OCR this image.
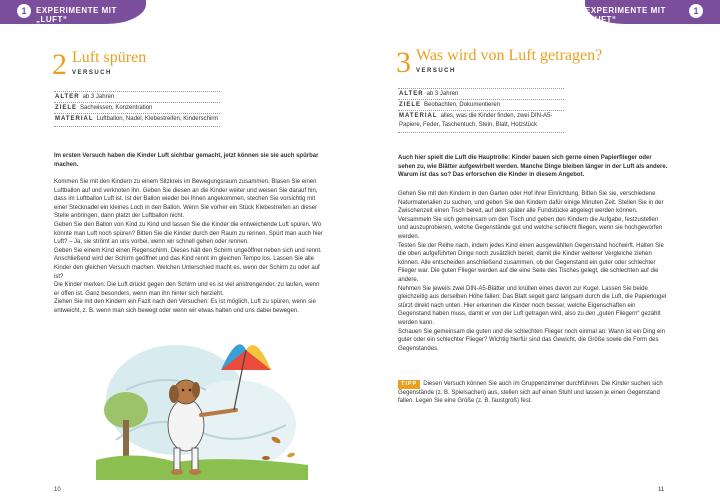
1	EXPERIMENTE MIT „LUFT“
EXPERIMENTE MIT „LUFT“
1
2 Luft spüren
VERSUCH
ALTER ab 3 Jahren
ZIELE Sachwissen, Konzentration
MATERIAL Luftballon, Nadel, Klebestreifen, Kinderschirm
Im ersten Versuch haben die Kinder Luft sichtbar gemacht, jetzt können sie sie auch spürbar machen.
Kommen Sie mit den Kindern zu einem Sitzkreis im Bewegungsraum zusammen. Blasen Sie einen Luftballon auf und verknoten ihn. Geben Sie diesen an die Kinder weiter und weisen Sie darauf hin, dass im Luftballon Luft ist. Ist der Ballon wieder bei Ihnen angekommen, stechen Sie vorsichtig mit einer Stecknadel ein kleines Loch in den Ballon. Wenn Sie vorher ein Stück Klebestreifen an dieser Stelle anbringen, dann platzt der Luftballon nicht.
Geben Sie den Ballon von Kind zu Kind und lassen Sie die Kinder die entweichende Luft spüren. Wo könnte man Luft noch spüren? Bitten Sie die Kinder durch den Raum zu rennen. Spürt man auch hier Luft? – Ja, sie strömt an uns vorbei, wenn wir schnell gehen oder rennen.
Geben Sie einem Kind einen Regenschirm. Dieses hält den Schirm ungeöffnet neben sich und rennt. Anschließend wird der Schirm geöffnet und das Kind rennt im gleichen Tempo los. Lassen Sie alle Kinder den gleichen Versuch machen. Welchen Unterschied macht es, wenn der Schirm zu oder auf ist?
Die Kinder merken: Die Luft drückt gegen den Schirm und es ist viel anstrengender, zu laufen, wenn er offen ist. Ganz besonders, wenn man ihn hinter sich herzieht.
Ziehen Sie mit den Kindern ein Fazit nach den Versuchen: Es ist möglich, Luft zu spüren, wenn sie entweicht, z. B. wenn man sich bewegt oder wenn wir etwas halten und uns dabei bewegen.
10
3 Was wird von Luft getragen?
VERSUCH
ALTER ab 3 Jahren
ZIELE Beobachten, Dokumentieren
MATERIAL alles, was die Kinder finden, zwei DIN-A5-Papiere, Feder, Taschentuch, Stein, Blatt, Holzstück
Auch hier spielt die Luft die Hauptrolle: Kinder bauen sich gerne einen Papierflieger oder sehen zu, wie Blätter aufgewirbelt werden. Manche Dinge bleiben länger in der Luft als andere. Warum ist das so? Das erforschen die Kinder in diesem Angebot.
Gehen Sie mit den Kindern in den Garten oder Hof ihrer Einrichtung. Bitten Sie sie, verschiedene Naturmaterialien zu suchen, und geben Sie den Kindern dafür einige Minuten Zeit. Stellen Sie in der Zwischenzeit einen Tisch bereit, auf dem später alle Fundstücke abgelegt werden können.
Versammeln Sie sich gemeinsam um den Tisch und geben den Kindern die Aufgabe, festzustellen und auszuprobieren, welche Gegenstände gut und welche schlecht fliegen, wenn sie hochgeworfen werden.
Testen Sie der Reihe nach, indem jedes Kind einen ausgewählten Gegenstand hochwirft. Halten Sie die oben aufgeführten Dinge noch zusätzlich bereit, damit die Kinder weiterer Vergleiche ziehen können. Alle entscheiden anschließend zusammen, ob der Gegenstand ein guter oder schlechter Flieger war. Die guten Flieger werden auf die eine Seite des Tisches gelegt, die schlechten auf die andere.
Nehmen Sie jeweils zwei DIN-A5-Blätter und knüllen eines davon zur Kugel. Lassen Sie beide gleichzeitig aus derselben Höhe fallen: Das Blatt segelt ganz langsam durch die Luft, die Papierkugel stürzt direkt nach unten. Hier erkennen die Kinder noch besser, welche Eigenschaften ein Gegenstand haben muss, damit er von der Luft getragen wird, also zu den „guten Fliegern“ gezählt werden kann.
Schauen Sie gemeinsam die guten und die schlechten Flieger noch einmal an: Wann ist ein Ding ein guter oder ein schlechter Flieger? Wichtig hierfür sind das Gewicht, die Größe sowie die Form des Gegenstandes.
TIPP Diesen Versuch können Sie auch im Gruppenzimmer durchführen. Die Kinder suchen sich Gegenstände (z. B. Spielsachen) aus, stellen sich auf einen Stuhl und lassen je einen Gegenstand fallen. Legen Sie eine Größe (z. B. faustgroß) fest.
11
